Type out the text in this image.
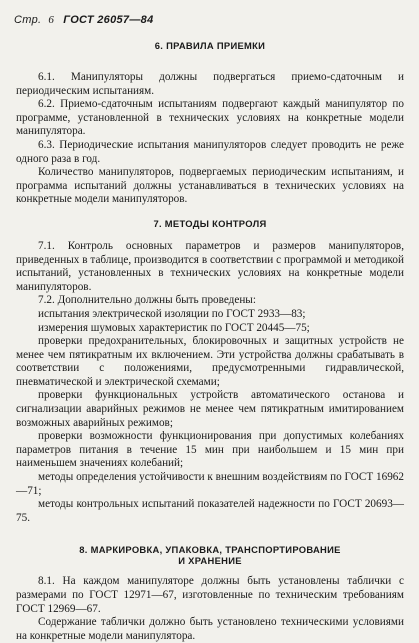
Стр. 6 ГОСТ 26057—84
6. ПРАВИЛА ПРИЕМКИ

6.1. Манипуляторы должны подвергаться приемо-сдаточным и периодическим испытаниям.

6.2. Приемо-сдаточным испытаниям подвергают каждый манипулятор по программе, установленной в технических условиях на конкретные модели манипулятора.

6.3. Периодические испытания манипуляторов следует проводить не реже одного раза в год.

Количество манипуляторов, подвергаемых периодическим испытаниям, и программа испытаний должны устанавливаться в технических условиях на конкретные модели манипуляторов.

7. МЕТОДЫ КОНТРОЛЯ

7.1. Контроль основных параметров и размеров манипуляторов, приведенных в таблице, производится в соответствии с программой и методикой испытаний, установленных в технических условиях на конкретные модели манипуляторов.

7.2. Дополнительно должны быть проведены:

испытания электрической изоляции по ГОСТ 2933—83;

измерения шумовых характеристик по ГОСТ 20445—75;

проверки предохранительных, блокировочных и защитных устройств не менее чем пятикратным их включением. Эти устройства должны срабатывать в соответствии с положениями, предусмотренными гидравлической, пневматической и электрической схемами;

проверки функциональных устройств автоматического останова и сигнализации аварийных режимов не менее чем пятикратным имитированием возможных аварийных режимов;

проверки возможности функционирования при допустимых колебаниях параметров питания в течение 15 мин при наибольшем и 15 мин при наименьшем значениях колебаний;

методы определения устойчивости к внешним воздействиям по ГОСТ 16962—71;

методы контрольных испытаний показателей надежности по ГОСТ 20693—75.

8. МАРКИРОВКА, УПАКОВКА, ТРАНСПОРТИРОВАНИЕ
И ХРАНЕНИЕ

8.1. На каждом манипуляторе должны быть установлены таблички с размерами по ГОСТ 12971—67, изготовленные по техническим требованиям ГОСТ 12969—67.

Содержание таблички должно быть установлено техническими условиями на конкретные модели манипулятора.
